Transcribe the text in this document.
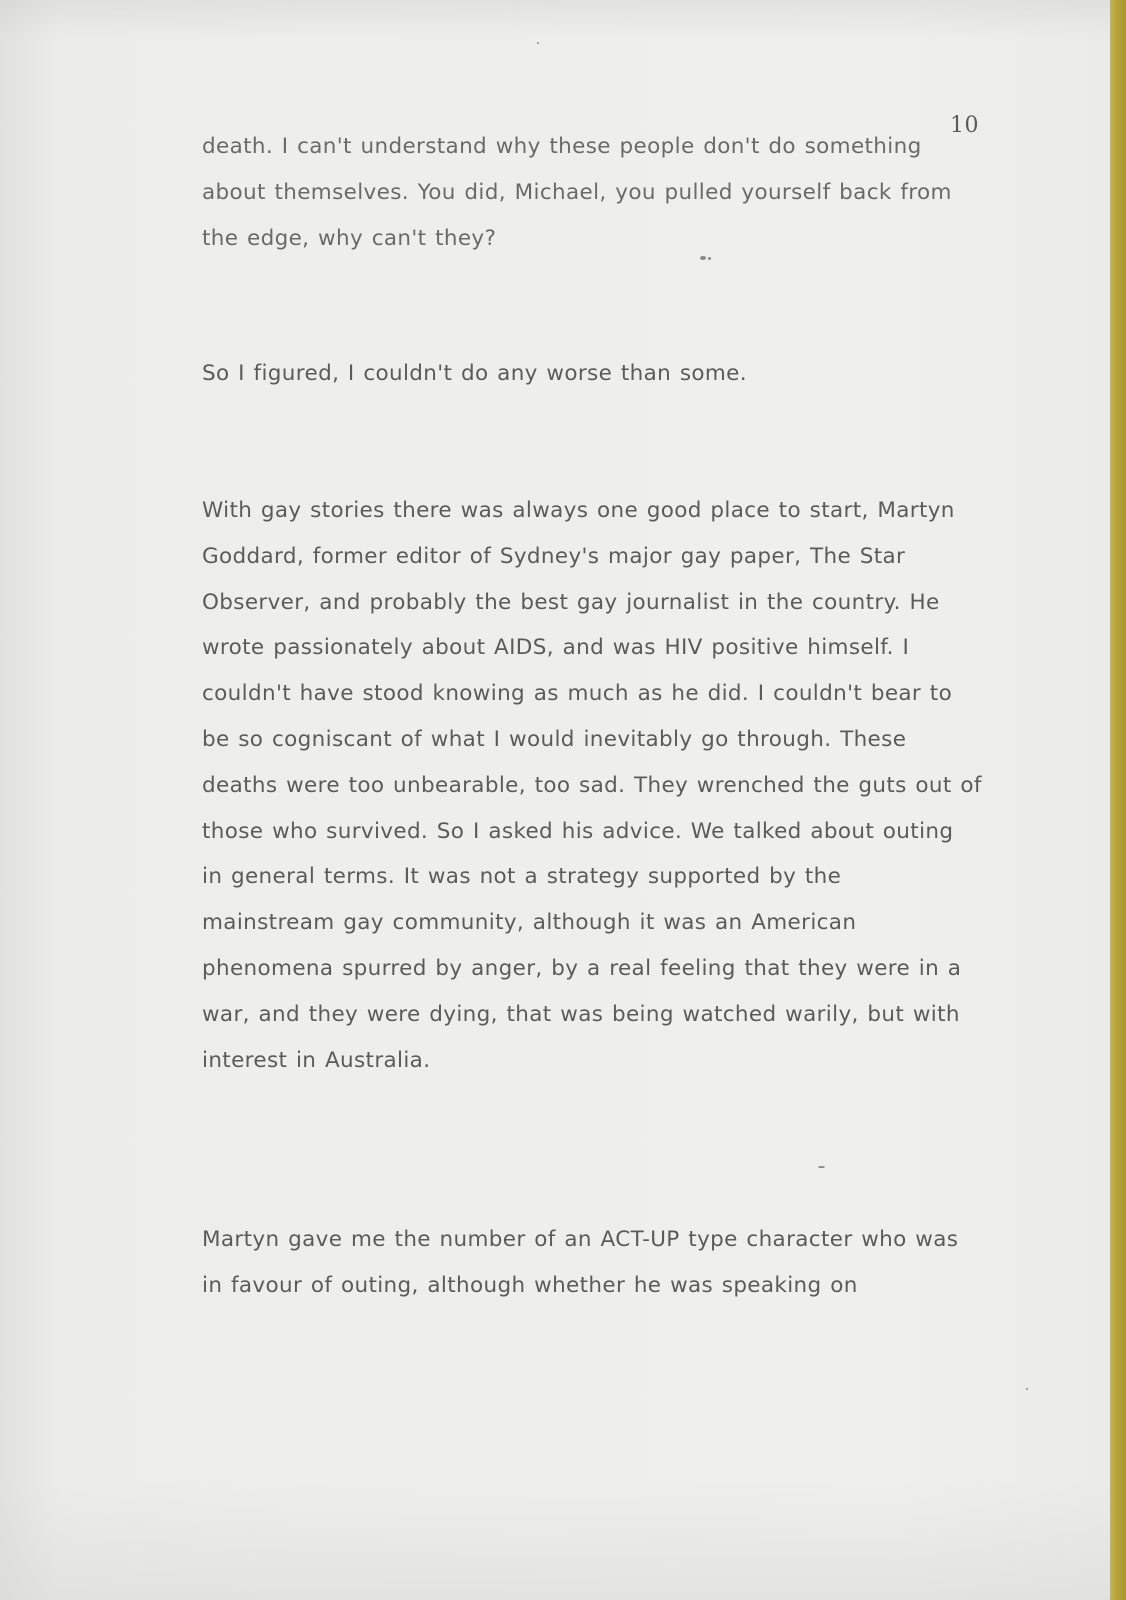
10

death. I can't understand why these people don't do something about themselves. You did, Michael, you pulled yourself back from the edge, why can't they?

So I figured, I couldn't do any worse than some.

With gay stories there was always one good place to start, Martyn Goddard, former editor of Sydney's major gay paper, The Star Observer, and probably the best gay journalist in the country. He wrote passionately about AIDS, and was HIV positive himself. I couldn't have stood knowing as much as he did. I couldn't bear to be so cogniscant of what I would inevitably go through. These deaths were too unbearable, too sad. They wrenched the guts out of those who survived. So I asked his advice. We talked about outing in general terms. It was not a strategy supported by the mainstream gay community, although it was an American phenomena spurred by anger, by a real feeling that they were in a war, and they were dying, that was being watched warily, but with interest in Australia.

Martyn gave me the number of an ACT-UP type character who was in favour of outing, although whether he was speaking on
